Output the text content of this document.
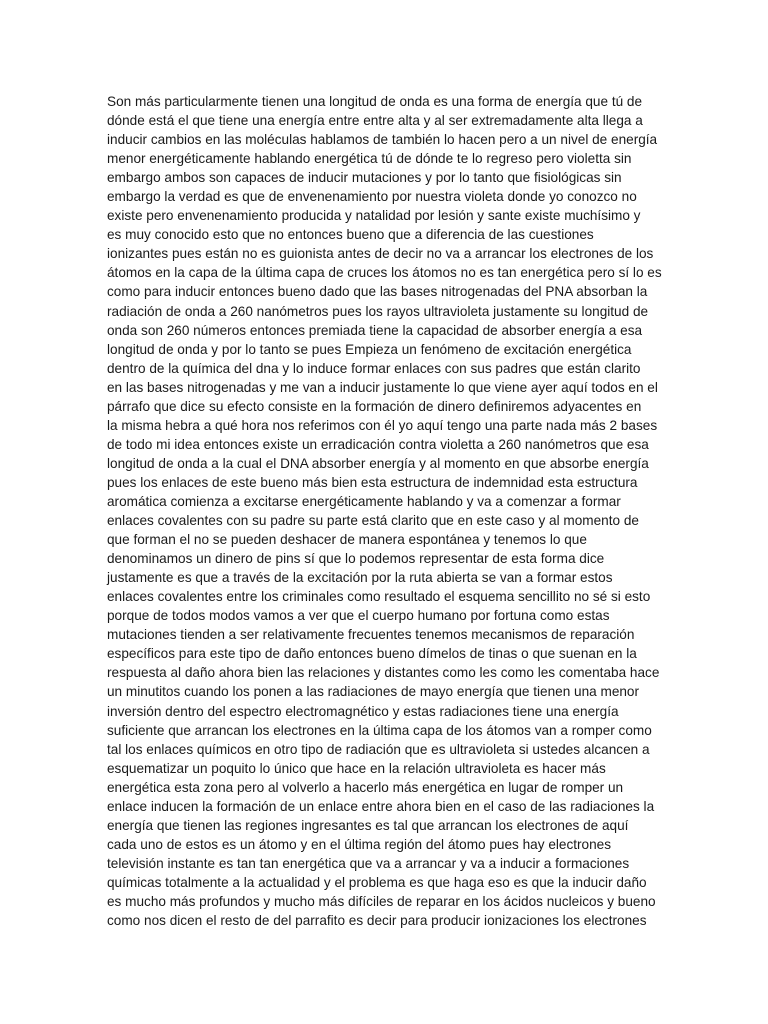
Son más particularmente tienen una longitud de onda es una forma de energía que tú de
dónde está el que tiene una energía entre entre alta y al ser extremadamente alta llega a
inducir cambios en las moléculas hablamos de también lo hacen pero a un nivel de energía
menor energéticamente hablando energética tú de dónde te lo regreso pero violetta sin
embargo ambos son capaces de inducir mutaciones y por lo tanto que fisiológicas sin
embargo la verdad es que de envenenamiento por nuestra violeta donde yo conozco no
existe pero envenenamiento producida y natalidad por lesión y sante existe muchísimo y
es muy conocido esto que no entonces bueno que a diferencia de las cuestiones
ionizantes pues están no es guionista antes de decir no va a arrancar los electrones de los
átomos en la capa de la última capa de cruces los átomos no es tan energética pero sí lo es
como para inducir entonces bueno dado que las bases nitrogenadas del PNA absorban la
radiación de onda a 260 nanómetros pues los rayos ultravioleta justamente su longitud de
onda son 260 números entonces premiada tiene la capacidad de absorber energía a esa
longitud de onda y por lo tanto se pues Empieza un fenómeno de excitación energética
dentro de la química del dna y lo induce formar enlaces con sus padres que están clarito
en las bases nitrogenadas y me van a inducir justamente lo que viene ayer aquí todos en el
párrafo que dice su efecto consiste en la formación de dinero definiremos adyacentes en
la misma hebra a qué hora nos referimos con él yo aquí tengo una parte nada más 2 bases
de todo mi idea entonces existe un erradicación contra violetta a 260 nanómetros que esa
longitud de onda a la cual el DNA absorber energía y al momento en que absorbe energía
pues los enlaces de este bueno más bien esta estructura de indemnidad esta estructura
aromática comienza a excitarse energéticamente hablando y va a comenzar a formar
enlaces covalentes con su padre su parte está clarito que en este caso y al momento de
que forman el no se pueden deshacer de manera espontánea y tenemos lo que
denominamos un dinero de pins sí que lo podemos representar de esta forma dice
justamente es que a través de la excitación por la ruta abierta se van a formar estos
enlaces covalentes entre los criminales como resultado el esquema sencillito no sé si esto
porque de todos modos vamos a ver que el cuerpo humano por fortuna como estas
mutaciones tienden a ser relativamente frecuentes tenemos mecanismos de reparación
específicos para este tipo de daño entonces bueno dímelos de tinas o que suenan en la
respuesta al daño ahora bien las relaciones y distantes como les como les comentaba hace
un minutitos cuando los ponen a las radiaciones de mayo energía que tienen una menor
inversión dentro del espectro electromagnético y estas radiaciones tiene una energía
suficiente que arrancan los electrones en la última capa de los átomos van a romper como
tal los enlaces químicos en otro tipo de radiación que es ultravioleta si ustedes alcancen a
esquematizar un poquito lo único que hace en la relación ultravioleta es hacer más
energética esta zona pero al volverlo a hacerlo más energética en lugar de romper un
enlace inducen la formación de un enlace entre ahora bien en el caso de las radiaciones la
energía que tienen las regiones ingresantes es tal que arrancan los electrones de aquí
cada uno de estos es un átomo y en el última región del átomo pues hay electrones
televisión instante es tan tan energética que va a arrancar y va a inducir a formaciones
químicas totalmente a la actualidad y el problema es que haga eso es que la inducir daño
es mucho más profundos y mucho más difíciles de reparar en los ácidos nucleicos y bueno
como nos dicen el resto de del parrafito es decir para producir ionizaciones los electrones
